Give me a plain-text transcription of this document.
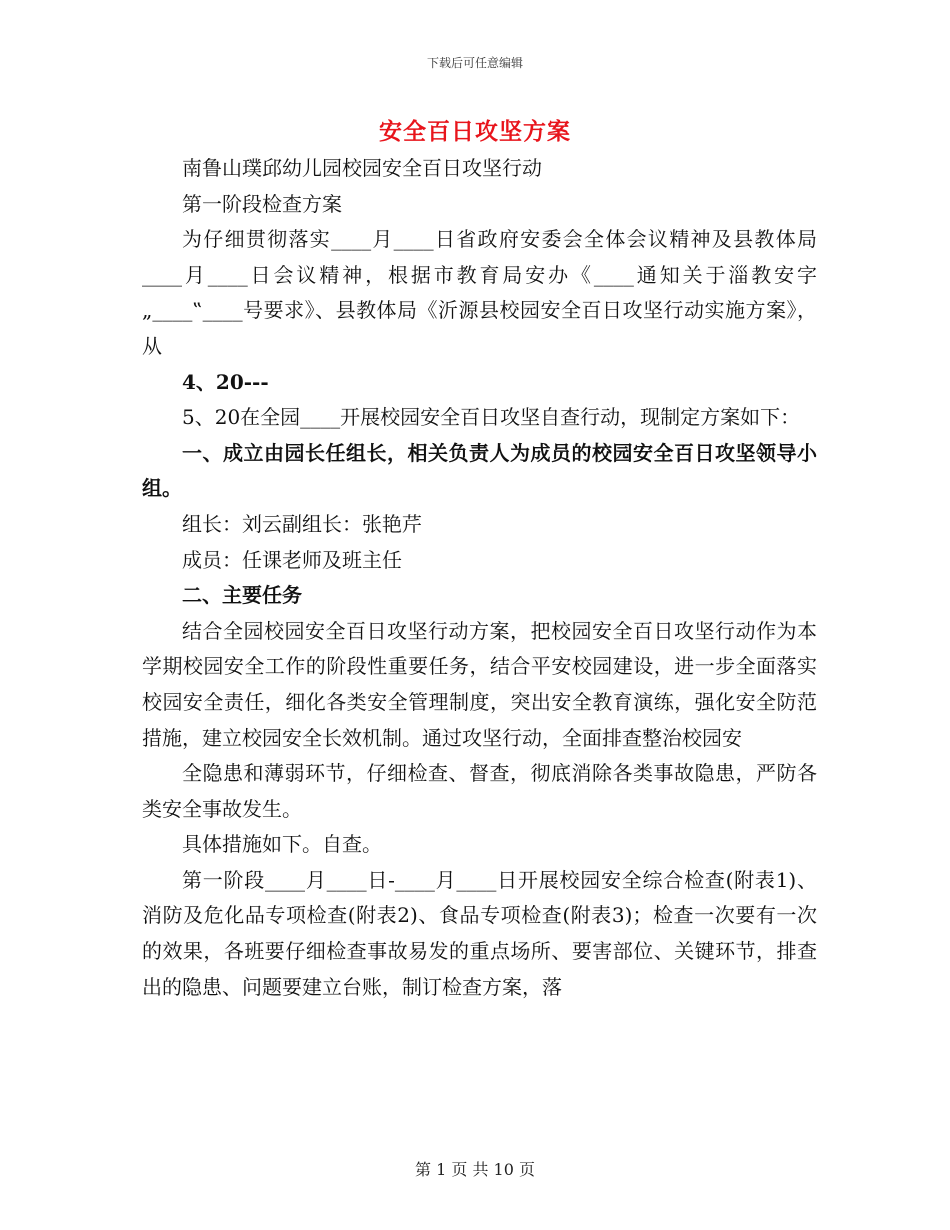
下载后可任意编辑
安全百日攻坚方案

南鲁山璞邱幼儿园校园安全百日攻坚行动

第一阶段检查方案

为仔细贯彻落实____月____日省政府安委会全体会议精神及县教体局____月____日会议精神，根据市教育局安办《____通知关于淄教安字„____‟____号要求》、县教体局《沂源县校园安全百日攻坚行动实施方案》，从

4、20---

5、20在全园____开展校园安全百日攻坚自查行动，现制定方案如下：

一、成立由园长任组长，相关负责人为成员的校园安全百日攻坚领导小组。

组长：刘云副组长：张艳芹

成员：任课老师及班主任

二、主要任务

结合全园校园安全百日攻坚行动方案，把校园安全百日攻坚行动作为本学期校园安全工作的阶段性重要任务，结合平安校园建设，进一步全面落实校园安全责任，细化各类安全管理制度，突出安全教育演练，强化安全防范措施，建立校园安全长效机制。通过攻坚行动，全面排查整治校园安

全隐患和薄弱环节，仔细检查、督查，彻底消除各类事故隐患，严防各类安全事故发生。

具体措施如下。自查。

第一阶段____月____日-____月____日开展校园安全综合检查(附表1)、消防及危化品专项检查(附表2)、食品专项检查(附表3)；检查一次要有一次的效果，各班要仔细检查事故易发的重点场所、要害部位、关键环节，排查出的隐患、问题要建立台账，制订检查方案，落

第 1 页 共 10 页
